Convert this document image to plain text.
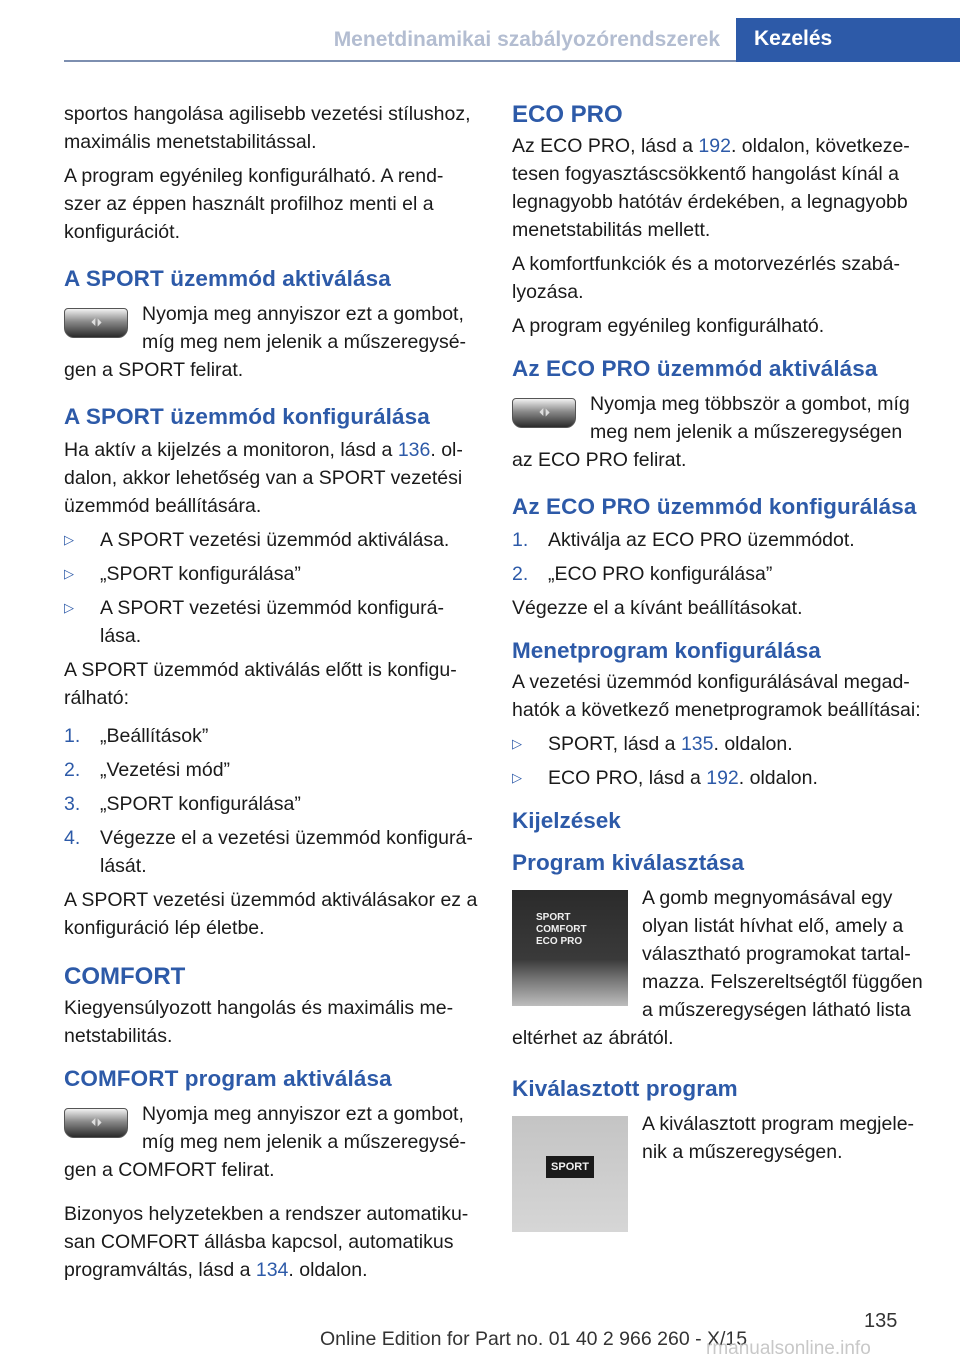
Menetdinamikai szabályozórendszerek	Kezelés

sportos hangolása agilisebb vezetési stílushoz, maximális menetstabilitással.

A program egyénileg konfigurálható. A rend-szer az éppen használt profilhoz menti el a konfigurációt.

A SPORT üzemmód aktiválása
⏴⏵ Nyomja meg annyiszor ezt a gombot, míg meg nem jelenik a műszeregysé-
gen a SPORT felirat.
A SPORT üzemmód konfigurálása

Ha aktív a kijelzés a monitoron, lásd a 136. ol-dalon, akkor lehetőség van a SPORT vezetési üzemmód beállítására.

▷ A SPORT vezetési üzemmód aktiválása.
▷ „SPORT konfigurálása”
▷ A SPORT vezetési üzemmód konfigurá-lása.

A SPORT üzemmód aktiválás előtt is konfigu-rálható:

1. „Beállítások”
2. „Vezetési mód”
3. „SPORT konfigurálása”
4. Végezze el a vezetési üzemmód konfigurá-lását.

A SPORT vezetési üzemmód aktiválásakor ez a konfiguráció lép életbe.

COMFORT

Kiegyensúlyozott hangolás és maximális me-netstabilitás.

COMFORT program aktiválása
⏴⏵ Nyomja meg annyiszor ezt a gombot, míg meg nem jelenik a műszeregysé-
gen a COMFORT felirat.

Bizonyos helyzetekben a rendszer automatiku-san COMFORT állásba kapcsol, automatikus programváltás, lásd a 134. oldalon.

ECO PRO

Az ECO PRO, lásd a 192. oldalon, következe-tesen fogyasztáscsökkentő hangolást kínál a legnagyobb hatótáv érdekében, a legnagyobb menetstabilitás mellett.

A komfortfunkciók és a motorvezérlés szabá-lyozása.

A program egyénileg konfigurálható.

Az ECO PRO üzemmód aktiválása
⏴⏵ Nyomja meg többször a gombot, míg meg nem jelenik a műszeregységen
az ECO PRO felirat.
Az ECO PRO üzemmód konfigurálása
1. Aktiválja az ECO PRO üzemmódot.
2. „ECO PRO konfigurálása”

Végezze el a kívánt beállításokat.

Menetprogram konfigurálása

A vezetési üzemmód konfigurálásával megad-hatók a következő menetprogramok beállításai:

▷ SPORT, lásd a 135. oldalon.
▷ ECO PRO, lásd a 192. oldalon.
Kijelzések
Program kiválasztása
SPORT
COMFORT
ECO PRO
A gomb megnyomásával egy olyan listát hívhat elő, amely a választható programokat tartal-mazza. Felszereltségtől függően a műszeregységen látható lista
eltérhet az ábrától.
Kiválasztott program
SPORT
A kiválasztott program megjele-nik a műszeregységen.
Online Edition for Part no. 01 40 2 966 260 - X/15
135
rmanualsonline.info
